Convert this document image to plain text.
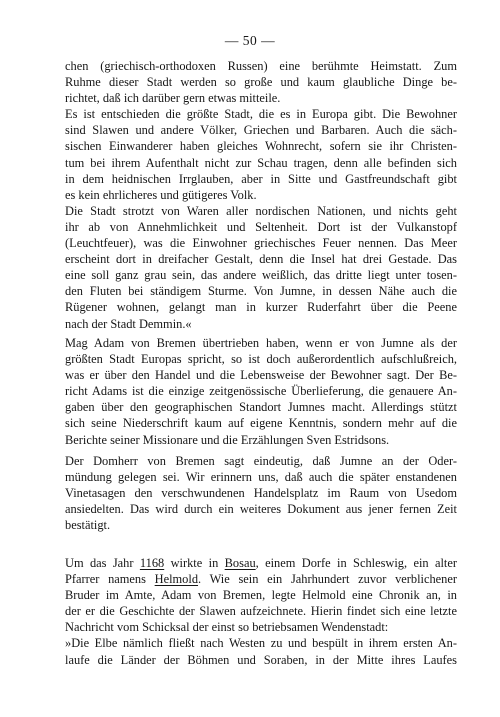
— 50 —
chen (griechisch-orthodoxen Russen) eine berühmte Heimstatt. Zum
Ruhme dieser Stadt werden so große und kaum glaubliche Dinge be-
richtet, daß ich darüber gern etwas mitteile.
Es ist entschieden die größte Stadt, die es in Europa gibt. Die Bewohner
sind Slawen und andere Völker, Griechen und Barbaren. Auch die säch-
sischen Einwanderer haben gleiches Wohnrecht, sofern sie ihr Christen-
tum bei ihrem Aufenthalt nicht zur Schau tragen, denn alle befinden sich
in dem heidnischen Irrglauben, aber in Sitte und Gastfreundschaft gibt
es kein ehrlicheres und gütigeres Volk.
Die Stadt strotzt von Waren aller nordischen Nationen, und nichts geht
ihr ab von Annehmlichkeit und Seltenheit. Dort ist der Vulkanstopf
(Leuchtfeuer), was die Einwohner griechisches Feuer nennen. Das Meer
erscheint dort in dreifacher Gestalt, denn die Insel hat drei Gestade. Das
eine soll ganz grau sein, das andere weißlich, das dritte liegt unter tosen-
den Fluten bei ständigem Sturme. Von Jumne, in dessen Nähe auch die
Rügener wohnen, gelangt man in kurzer Ruderfahrt über die Peene
nach der Stadt Demmin.«
Mag Adam von Bremen übertrieben haben, wenn er von Jumne als der
größten Stadt Europas spricht, so ist doch außerordentlich aufschlußreich,
was er über den Handel und die Lebensweise der Bewohner sagt. Der Be-
richt Adams ist die einzige zeitgenössische Überlieferung, die genauere An-
gaben über den geographischen Standort Jumnes macht. Allerdings stützt
sich seine Niederschrift kaum auf eigene Kenntnis, sondern mehr auf die
Berichte seiner Missionare und die Erzählungen Sven Estridsons.
Der Domherr von Bremen sagt eindeutig, daß Jumne an der Oder-
mündung gelegen sei. Wir erinnern uns, daß auch die später enstandenen
Vinetasagen den verschwundenen Handelsplatz im Raum von Usedom
ansiedelten. Das wird durch ein weiteres Dokument aus jener fernen Zeit
bestätigt.
Um das Jahr 1168 wirkte in Bosau, einem Dorfe in Schleswig, ein alter
Pfarrer namens Helmold. Wie sein ein Jahrhundert zuvor verblichener
Bruder im Amte, Adam von Bremen, legte Helmold eine Chronik an, in
der er die Geschichte der Slawen aufzeichnete. Hierin findet sich eine letzte
Nachricht vom Schicksal der einst so betriebsamen Wendenstadt:
»Die Elbe nämlich fließt nach Westen zu und bespült in ihrem ersten An-
laufe die Länder der Böhmen und Soraben, in der Mitte ihres Laufes
